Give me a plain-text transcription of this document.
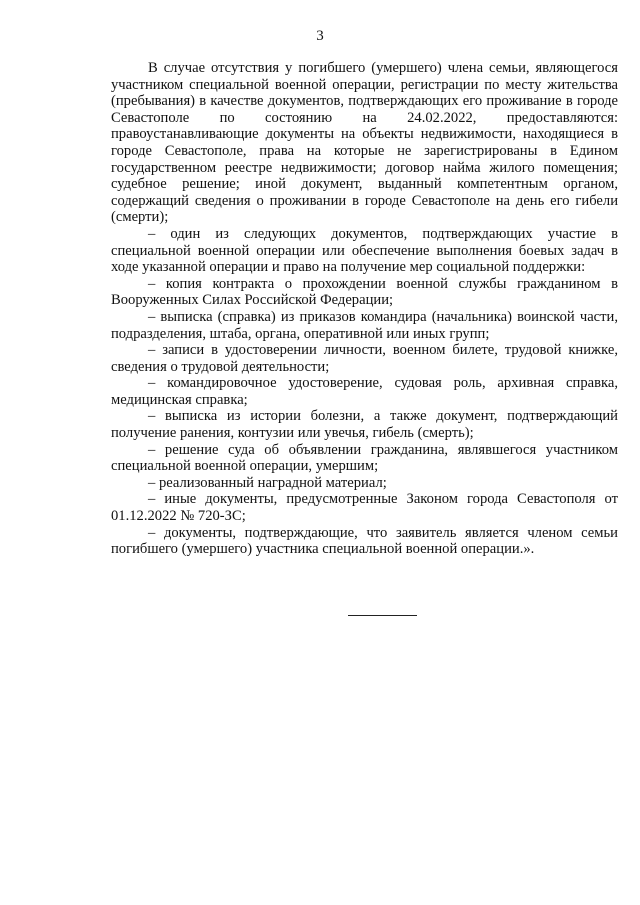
3

В случае отсутствия у погибшего (умершего) члена семьи, являющегося участником специальной военной операции, регистрации по месту жительства (пребывания) в качестве документов, подтверждающих его проживание в городе Севастополе по состоянию на 24.02.2022, предоставляются: правоустанавливающие документы на объекты недвижимости, находящиеся в городе Севастополе, права на которые не зарегистрированы в Едином государственном реестре недвижимости; договор найма жилого помещения; судебное решение; иной документ, выданный компетентным органом, содержащий сведения о проживании в городе Севастополе на день его гибели (смерти);

– один из следующих документов, подтверждающих участие в специальной военной операции или обеспечение выполнения боевых задач в ходе указанной операции и право на получение мер социальной поддержки:

– копия контракта о прохождении военной службы гражданином в Вооруженных Силах Российской Федерации;

– выписка (справка) из приказов командира (начальника) воинской части, подразделения, штаба, органа, оперативной или иных групп;

– записи в удостоверении личности, военном билете, трудовой книжке, сведения о трудовой деятельности;

– командировочное удостоверение, судовая роль, архивная справка, медицинская справка;

– выписка из истории болезни, а также документ, подтверждающий получение ранения, контузии или увечья, гибель (смерть);

– решение суда об объявлении гражданина, являвшегося участником специальной военной операции, умершим;

– реализованный наградной материал;

– иные документы, предусмотренные Законом города Севастополя от 01.12.2022 № 720-ЗС;

– документы, подтверждающие, что заявитель является членом семьи погибшего (умершего) участника специальной военной операции.».
